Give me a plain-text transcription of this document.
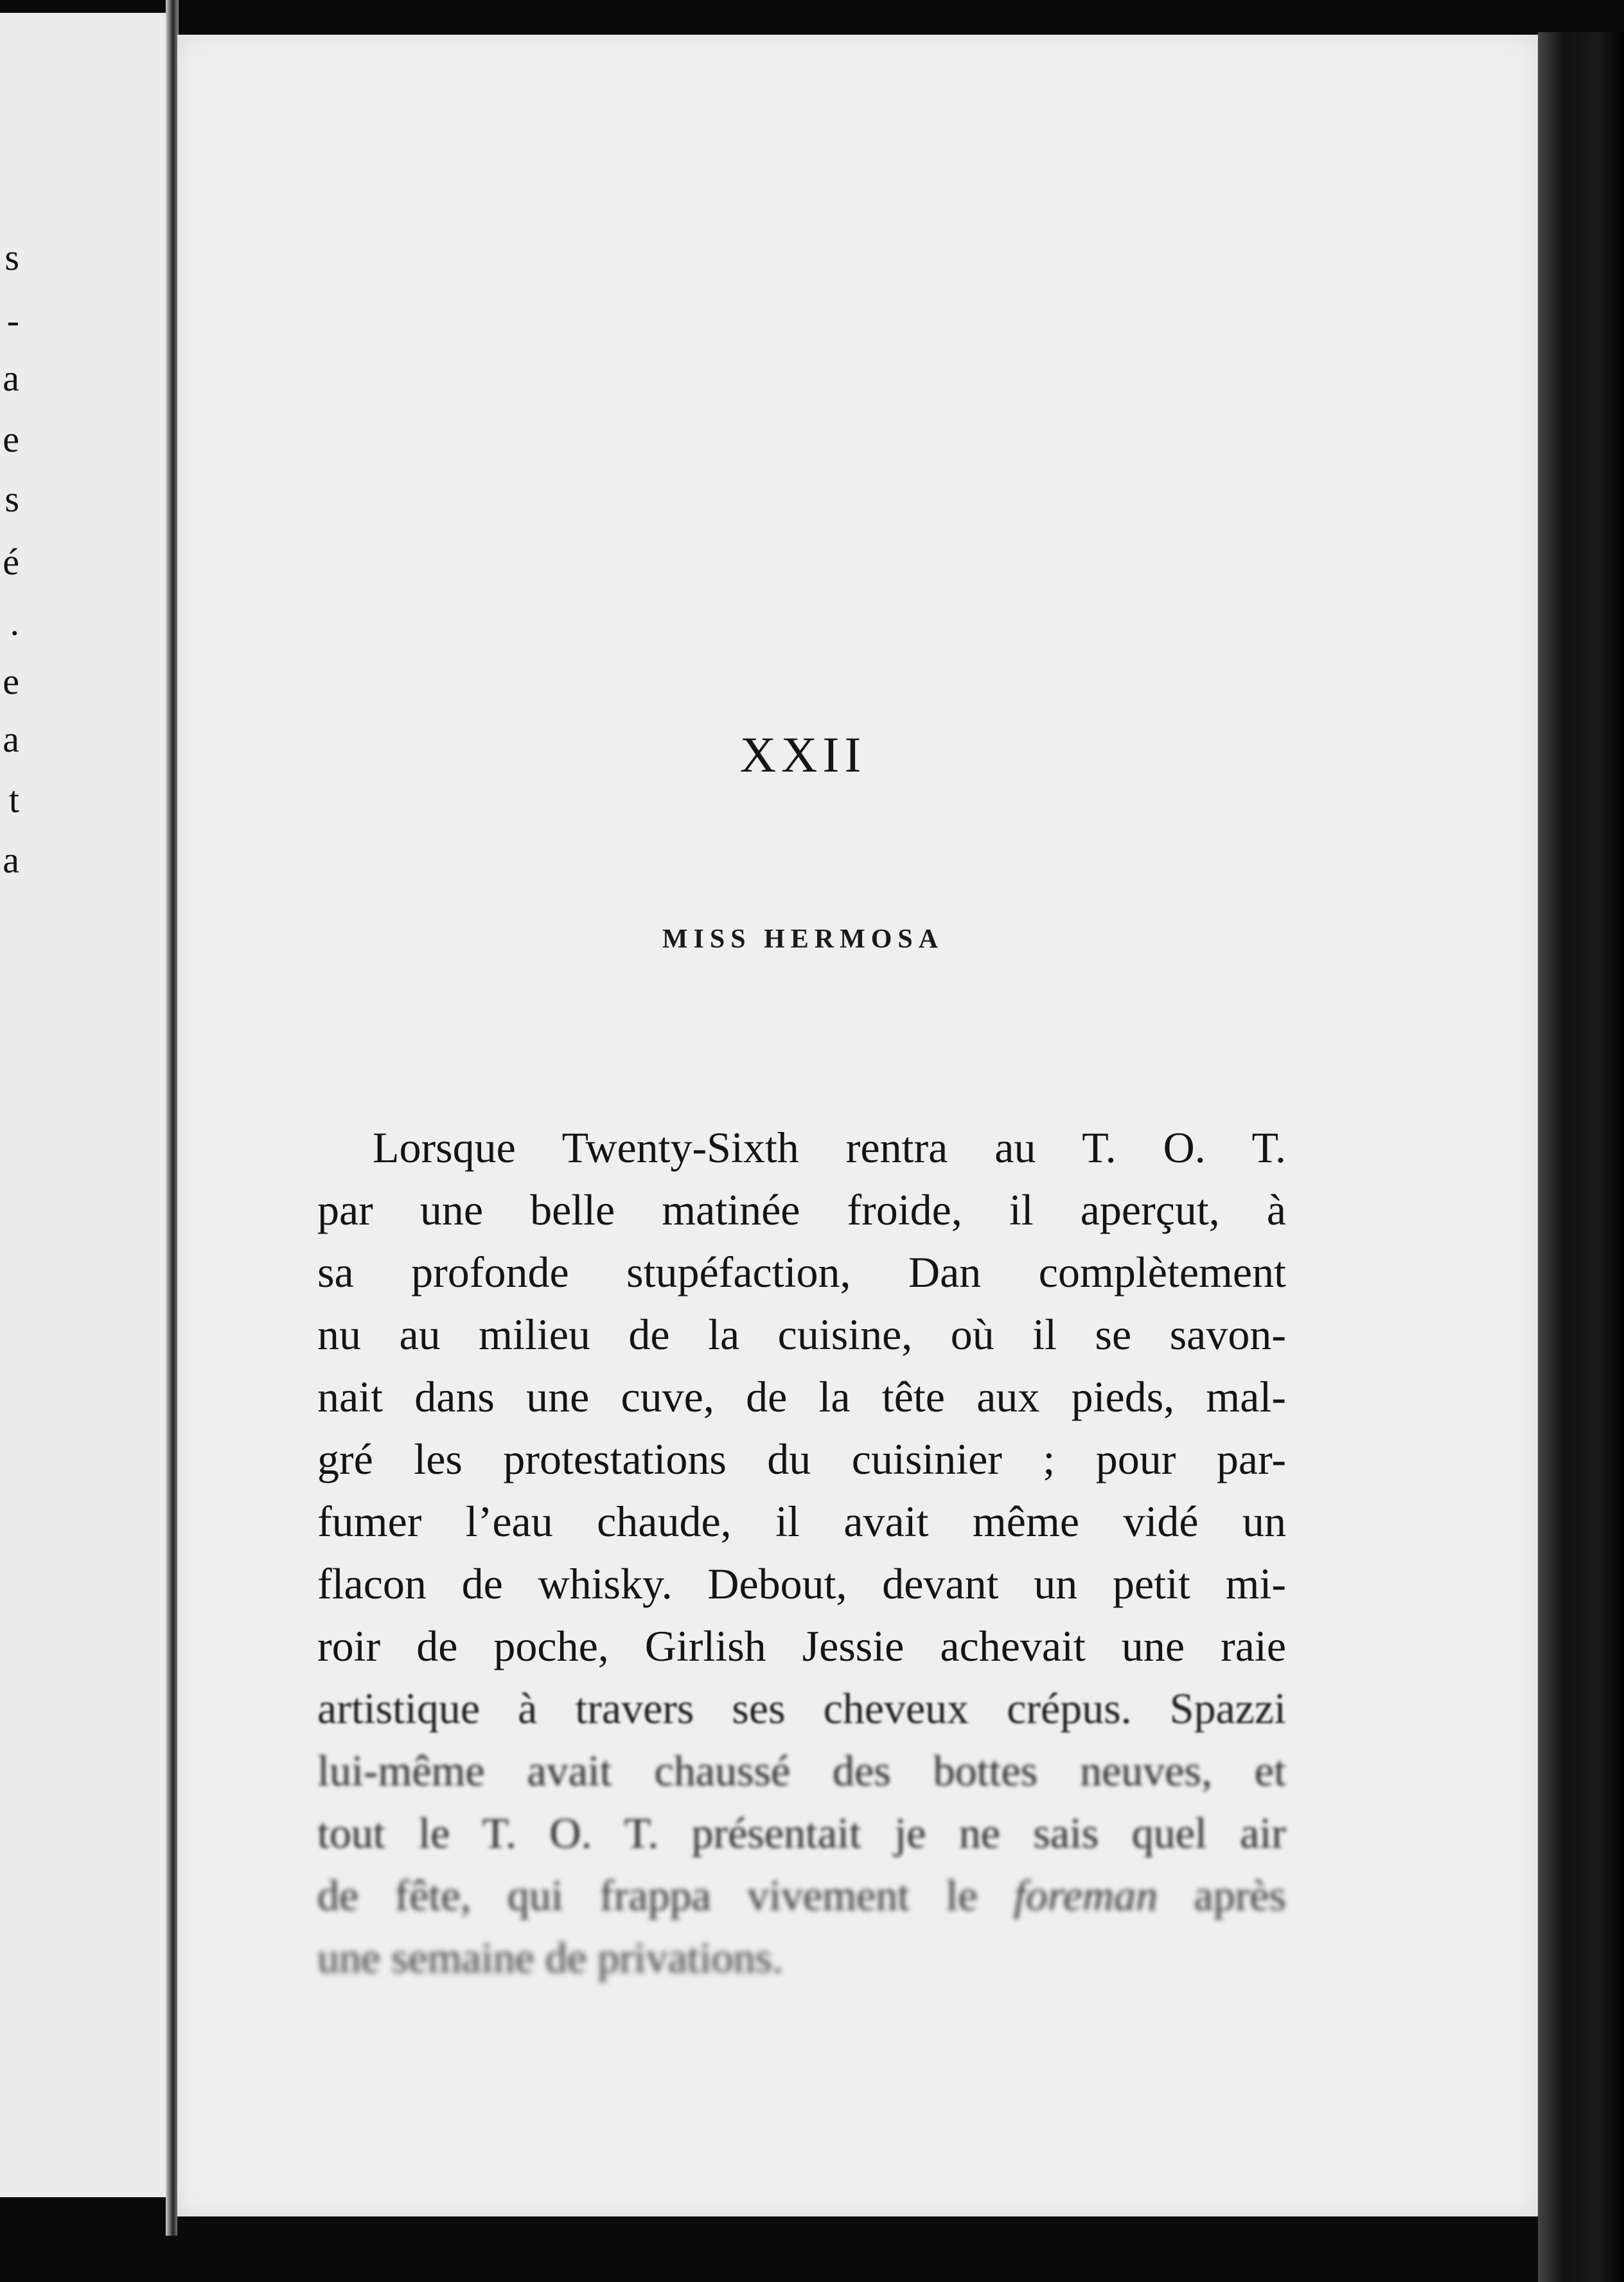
s
-
a
e
s
é
.
e
a
t
a
XXII
MISS HERMOSA
Lorsque Twenty-Sixth rentra au T. O. T.
par une belle matinée froide, il aperçut, à
sa profonde stupéfaction, Dan complètement
nu au milieu de la cuisine, où il se savon-
nait dans une cuve, de la tête aux pieds, mal-
gré les protestations du cuisinier ; pour par-
fumer l’eau chaude, il avait même vidé un
flacon de whisky. Debout, devant un petit mi-
roir de poche, Girlish Jessie achevait une raie
artistique à travers ses cheveux crépus. Spazzi
lui-même avait chaussé des bottes neuves, et
tout le T. O. T. présentait je ne sais quel air
de fête, qui frappa vivement le foreman après
une semaine de privations.
